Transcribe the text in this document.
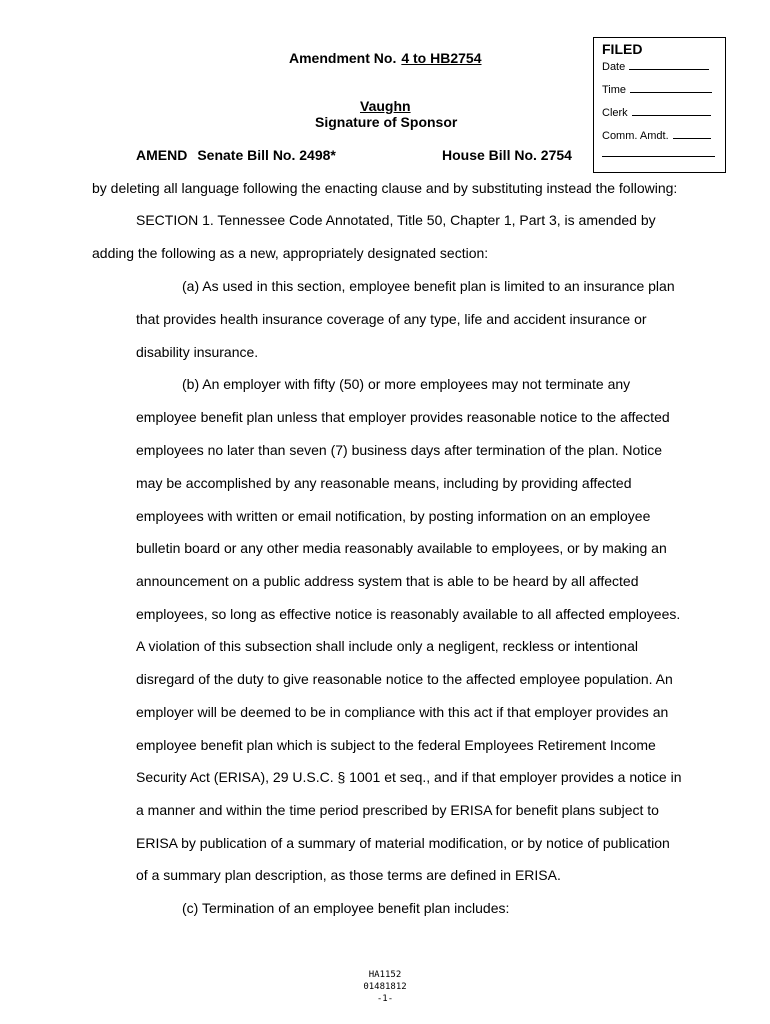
Amendment No. 4 to HB2754
Vaughn
Signature of Sponsor
AMEND Senate Bill No. 2498*	House Bill No. 2754
FILED
Date
Time
Clerk
Comm. Amdt.
by deleting all language following the enacting clause and by substituting instead the following:
SECTION 1. Tennessee Code Annotated, Title 50, Chapter 1, Part 3, is amended by
adding the following as a new, appropriately designated section:
(a) As used in this section, employee benefit plan is limited to an insurance plan
that provides health insurance coverage of any type, life and accident insurance or
disability insurance.
(b) An employer with fifty (50) or more employees may not terminate any
employee benefit plan unless that employer provides reasonable notice to the affected
employees no later than seven (7) business days after termination of the plan. Notice
may be accomplished by any reasonable means, including by providing affected
employees with written or email notification, by posting information on an employee
bulletin board or any other media reasonably available to employees, or by making an
announcement on a public address system that is able to be heard by all affected
employees, so long as effective notice is reasonably available to all affected employees.
A violation of this subsection shall include only a negligent, reckless or intentional
disregard of the duty to give reasonable notice to the affected employee population. An
employer will be deemed to be in compliance with this act if that employer provides an
employee benefit plan which is subject to the federal Employees Retirement Income
Security Act (ERISA), 29 U.S.C. § 1001 et seq., and if that employer provides a notice in
a manner and within the time period prescribed by ERISA for benefit plans subject to
ERISA by publication of a summary of material modification, or by notice of publication
of a summary plan description, as those terms are defined in ERISA.
(c) Termination of an employee benefit plan includes:
HA1152
01481812
-1-
